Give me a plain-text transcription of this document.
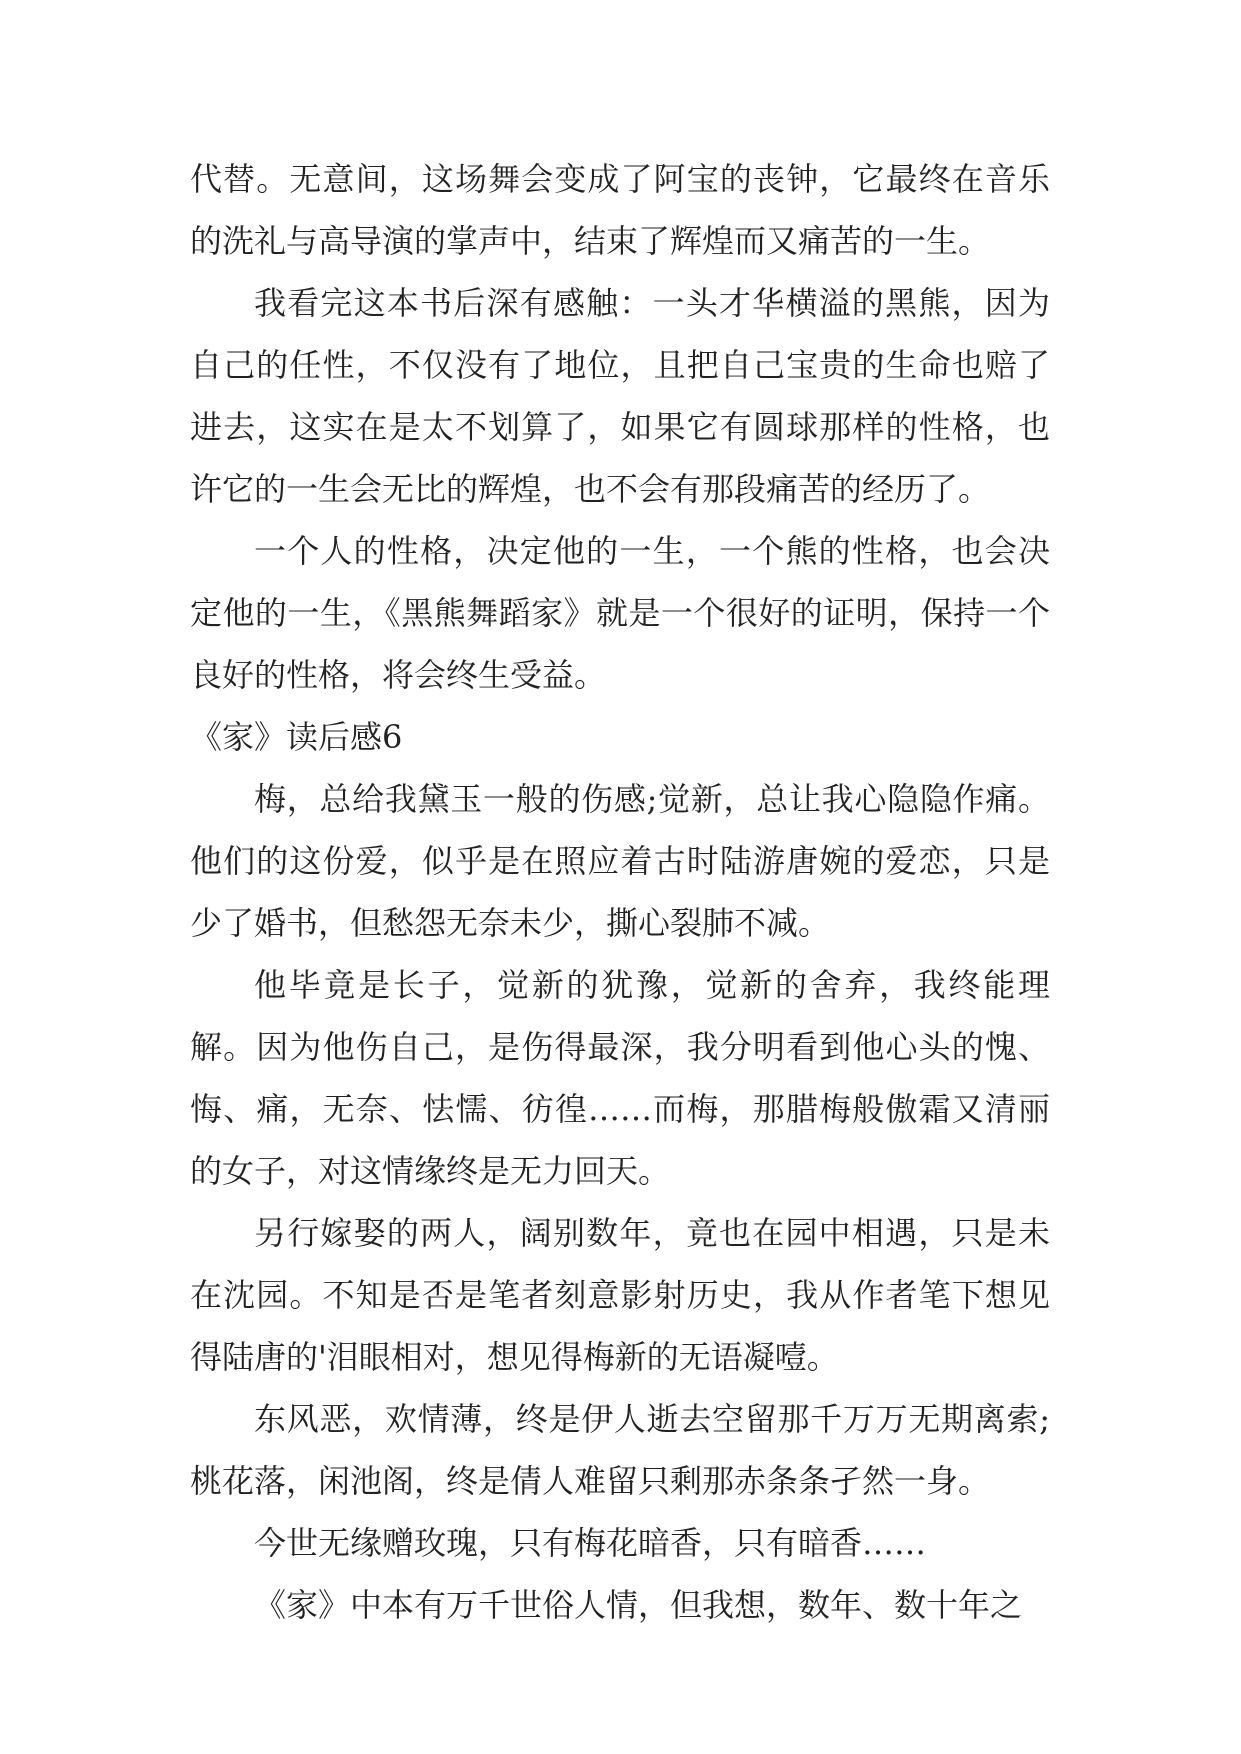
代替。无意间，这场舞会变成了阿宝的丧钟，它最终在音乐的洗礼与高导演的掌声中，结束了辉煌而又痛苦的一生。

我看完这本书后深有感触：一头才华横溢的黑熊，因为自己的任性，不仅没有了地位，且把自己宝贵的生命也赔了进去，这实在是太不划算了，如果它有圆球那样的性格，也许它的一生会无比的辉煌，也不会有那段痛苦的经历了。

一个人的性格，决定他的一生，一个熊的性格，也会决定他的一生，《黑熊舞蹈家》就是一个很好的证明，保持一个良好的性格，将会终生受益。

《家》读后感6

梅，总给我黛玉一般的伤感;觉新，总让我心隐隐作痛。他们的这份爱，似乎是在照应着古时陆游唐婉的爱恋，只是少了婚书，但愁怨无奈未少，撕心裂肺不减。

他毕竟是长子，觉新的犹豫，觉新的舍弃，我终能理解。因为他伤自己，是伤得最深，我分明看到他心头的愧、悔、痛，无奈、怯懦、彷徨……而梅，那腊梅般傲霜又清丽的女子，对这情缘终是无力回天。

另行嫁娶的两人，阔别数年，竟也在园中相遇，只是未在沈园。不知是否是笔者刻意影射历史，我从作者笔下想见得陆唐的'泪眼相对，想见得梅新的无语凝噎。

东风恶，欢情薄，终是伊人逝去空留那千万万无期离索;桃花落，闲池阁，终是倩人难留只剩那赤条条孑然一身。

今世无缘赠玫瑰，只有梅花暗香，只有暗香……

《家》中本有万千世俗人情，但我想，数年、数十年之
